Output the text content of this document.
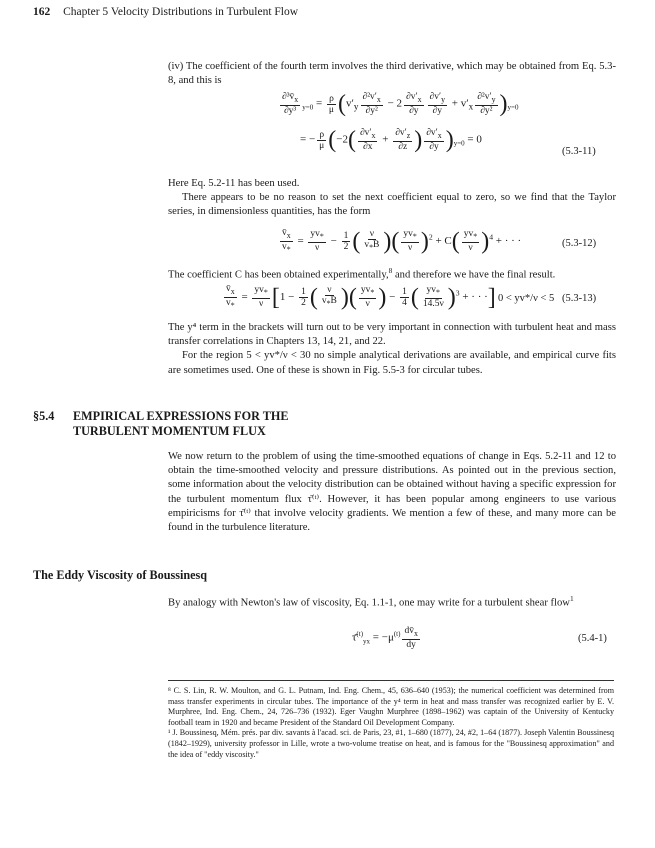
162 Chapter 5 Velocity Distributions in Turbulent Flow

(iv) The coefficient of the fourth term involves the third derivative, which may be obtained from Eq. 5.3-8, and this is

$\frac{\partial^3v̄_x}{\text{∂y³}} _{y=0} = \frac{\rho}{\mu} (v'_y \frac{\partial^2v'_x}{\text{∂y²}} - 2 \frac{\partial v'_x}{\partial y} \frac{\partial v'_y}{\partial y} + v'_x \frac{\partial^2v'_y}{\text{∂y²}} )_{y=0}$
= − $\frac{\rho}{\mu} (-2( \frac{\partial v'_x}{\partial x} + \frac{\partial v'_z}{\partial z}$ ) $\frac{\partial v'_x}{\partial y} )_{y=0} = 0$
(5.3-11)

Here Eq. 5.2-11 has been used.

There appears to be no reason to set the next coefficient equal to zero, so we find that the Taylor series, in dimensionless quantities, has the form

$\frac{v̄_x}{v_*} = \frac{yv_*}{\nu} - \frac{1}{2}$ ( $\frac{\nu}{v_*B}$ )( $\frac{yv_*}{\nu} )^2 + C( \frac{yv_*}{\nu} )^4$ + · · ·	(5.3-12)

The coefficient C has been obtained experimentally,$^8$ and therefore we have the final result.

$\frac{v̄_x}{v_*} = \frac{yv_*}{\nu} [1 - \frac{1}{2}$ ( $\frac{\nu}{v_*B}$ )( $\frac{yv_*}{\nu}$ ) − $\frac{1}{4}$ ( $\frac{yv_*}{14.5\nu} )^3$ + · · ·] 0 < yv*/ν < 5 (5.3-13)

The y⁴ term in the brackets will turn out to be very important in connection with turbulent heat and mass transfer correlations in Chapters 13, 14, 21, and 22.

For the region 5 < yv*/ν < 30 no simple analytical derivations are available, and empirical curve fits are sometimes used. One of these is shown in Fig. 5.5-3 for circular tubes.

§5.4 EMPIRICAL EXPRESSIONS FOR THE
TURBULENT MOMENTUM FLUX

We now return to the problem of using the time-smoothed equations of change in Eqs. 5.2-11 and 12 to obtain the time-smoothed velocity and pressure distributions. As pointed out in the previous section, some information about the velocity distribution can be obtained without having a specific expression for the turbulent momentum flux τ̄⁽ᵗ⁾. However, it has been popular among engineers to use various empiricisms for τ̄⁽ᵗ⁾ that involve velocity gradients. We mention a few of these, and many more can be found in the turbulence literature.

The Eddy Viscosity of Boussinesq

By analogy with Newton's law of viscosity, Eq. 1.1-1, one may write for a turbulent shear flow$^1$

τ̄$^{(t)}_{yx}$ = $-\mu^{(t)} \frac{dv̄_x}{dy}$	(5.4-1)

⁸ C. S. Lin, R. W. Moulton, and G. L. Putnam, Ind. Eng. Chem., 45, 636–640 (1953); the numerical coefficient was determined from mass transfer experiments in circular tubes. The importance of the y⁴ term in heat and mass transfer was recognized earlier by E. V. Murphree, Ind. Eng. Chem., 24, 726–736 (1932). Eger Vaughn Murphree (1898–1962) was captain of the University of Kentucky football team in 1920 and became President of the Standard Oil Development Company.

¹ J. Boussinesq, Mém. prés. par div. savants à l'acad. sci. de Paris, 23, #1, 1–680 (1877), 24, #2, 1–64 (1877). Joseph Valentin Boussinesq (1842–1929), university professor in Lille, wrote a two-volume treatise on heat, and is famous for the "Boussinesq approximation" and the idea of "eddy viscosity."
